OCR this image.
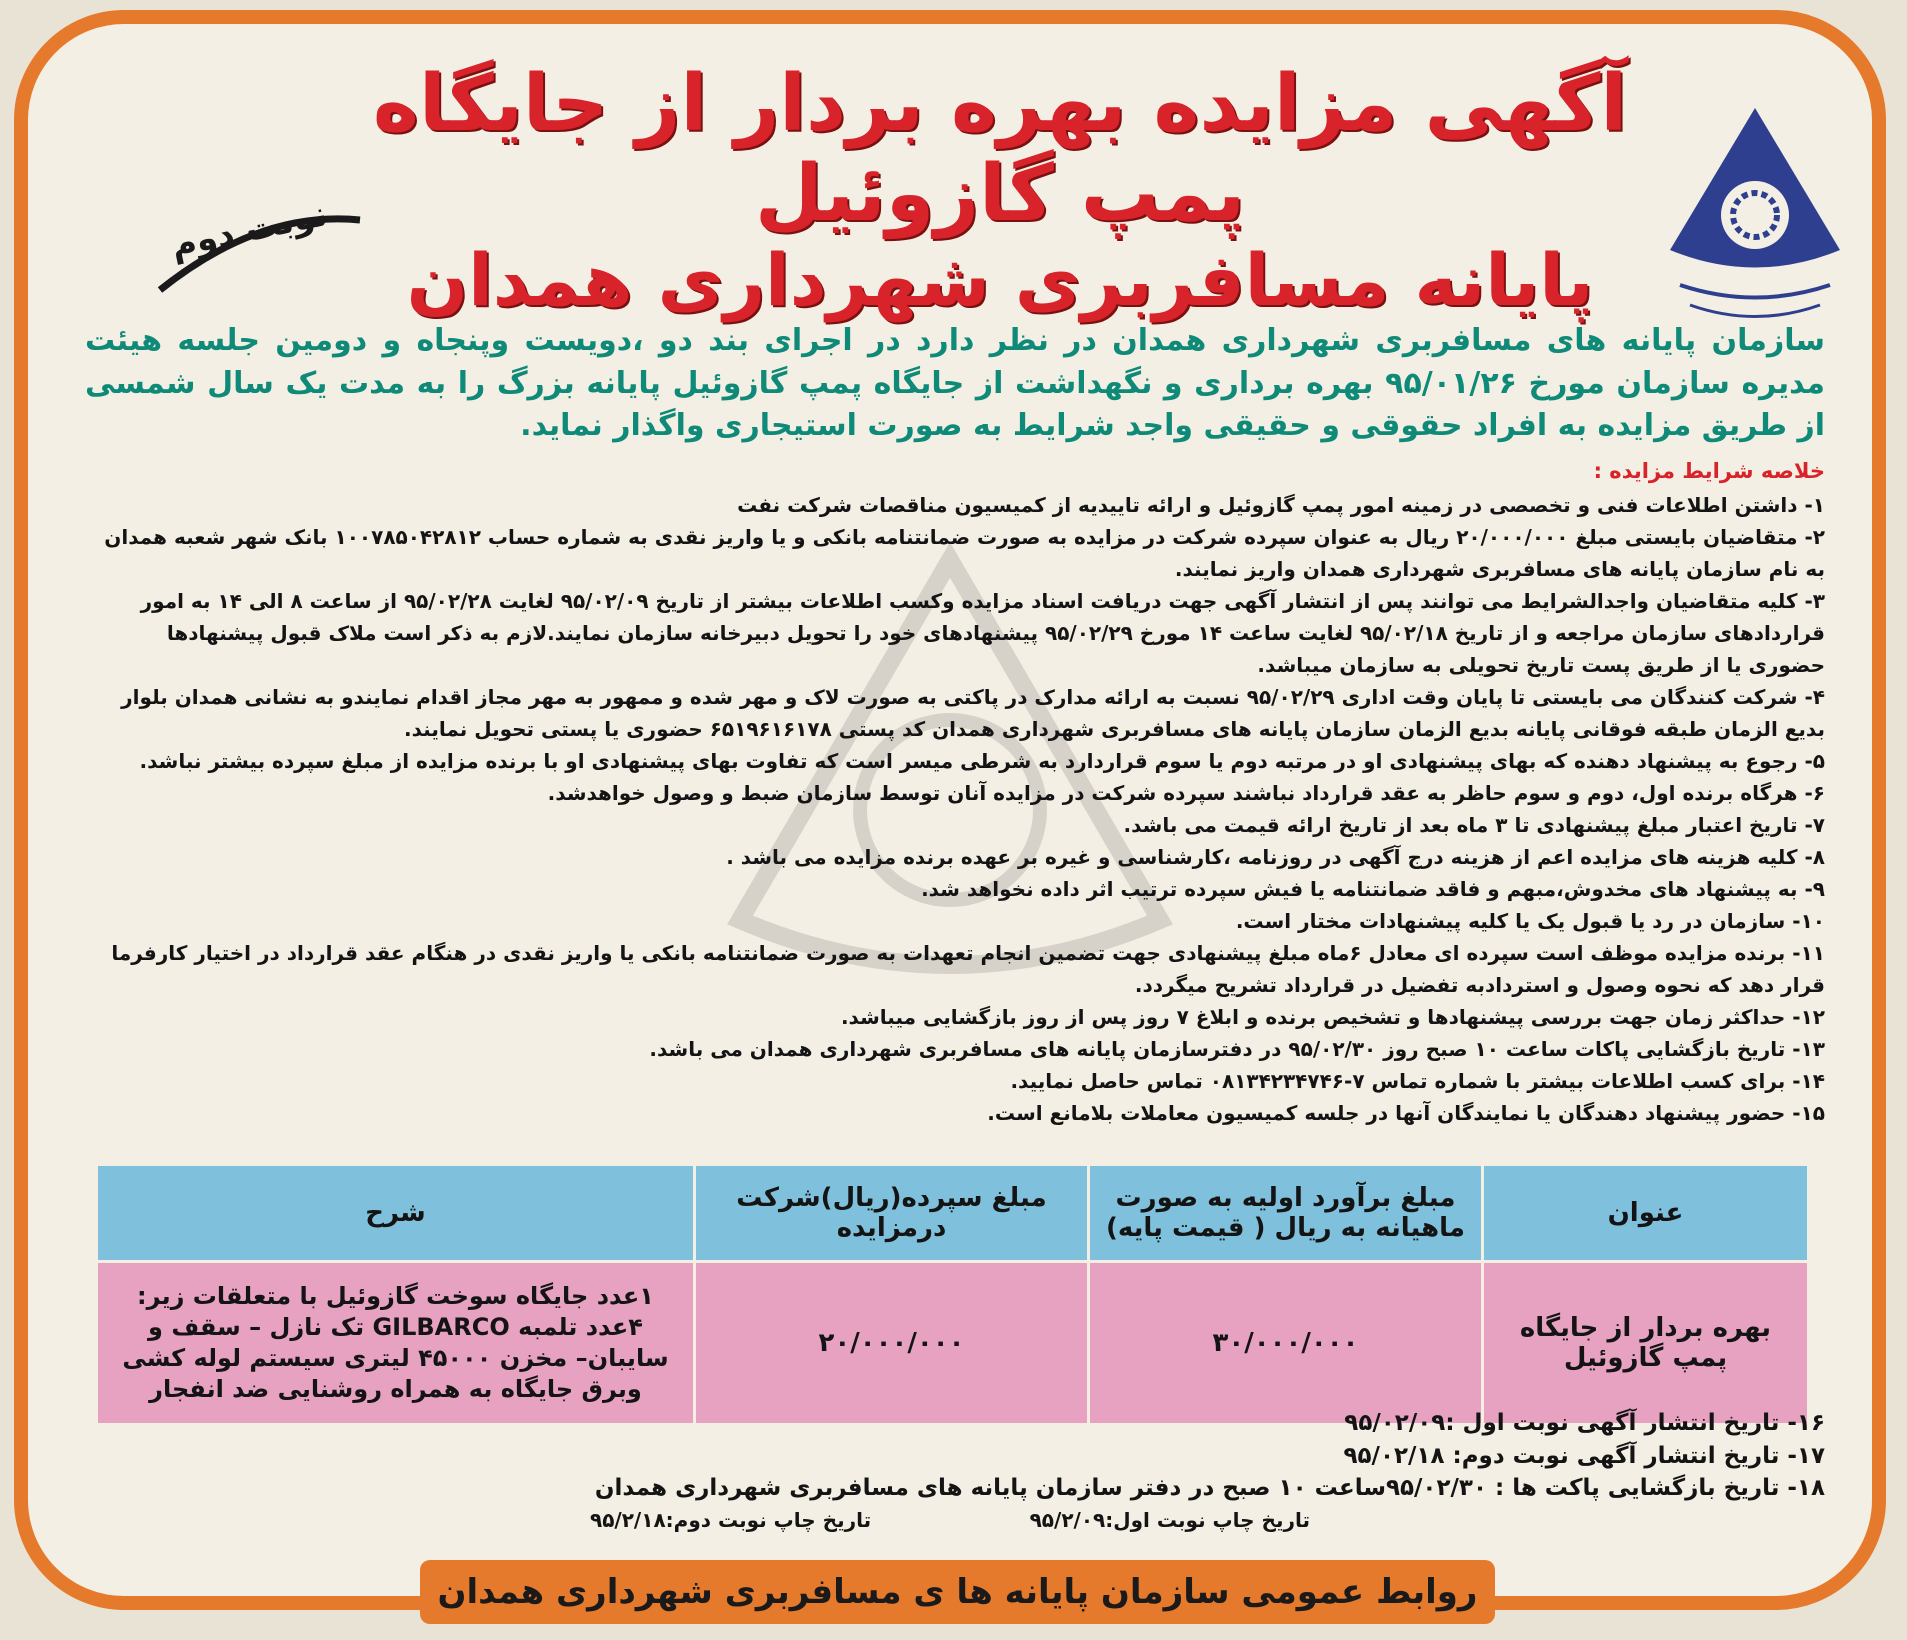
نوبت دوم
آگهی مزایده بهره بردار از جایگاه پمپ گازوئیل
پایانه مسافربری شهرداری همدان
سازمان پایانه های مسافربری شهرداری همدان در نظر دارد در اجرای بند دو ،دویست وپنجاه و دومین جلسه هیئت مدیره سازمان مورخ ۹۵/۰۱/۲۶ بهره برداری و نگهداشت از جایگاه پمپ گازوئیل پایانه بزرگ را به مدت یک سال شمسی از طریق مزایده به افراد حقوقی و حقیقی واجد شرایط به صورت استیجاری واگذار نماید.
خلاصه شرایط مزایده :

۱- داشتن اطلاعات فنی و تخصصی در زمینه امور پمپ گازوئیل و ارائه تاییدیه از کمیسیون مناقصات شرکت نفت

۲- متقاضیان بایستی مبلغ ۲۰/۰۰۰/۰۰۰ ریال به عنوان سپرده شرکت در مزایده به صورت ضمانتنامه بانکی و یا واریز نقدی به شماره حساب ۱۰۰۷۸۵۰۴۲۸۱۲ بانک شهر شعبه همدان به نام سازمان پایانه های مسافربری شهرداری همدان واریز نمایند.

۳- کلیه متقاضیان واجدالشرایط می توانند پس از انتشار آگهی جهت دریافت اسناد مزایده وکسب اطلاعات بیشتر از تاریخ ۹۵/۰۲/۰۹ لغایت ۹۵/۰۲/۲۸ از ساعت ۸ الی ۱۴ به امور قراردادهای سازمان مراجعه و از تاریخ ۹۵/۰۲/۱۸ لغایت ساعت ۱۴ مورخ ۹۵/۰۲/۲۹ پیشنهادهای خود را تحویل دبیرخانه سازمان نمایند.لازم به ذکر است ملاک قبول پیشنهادها حضوری یا از طریق پست تاریخ تحویلی به سازمان میباشد.

۴- شرکت کنندگان می بایستی تا پایان وقت اداری ۹۵/۰۲/۲۹ نسبت به ارائه مدارک در پاکتی به صورت لاک و مهر شده و ممهور به مهر مجاز اقدام نمایندو به نشانی همدان بلوار بدیع الزمان طبقه فوقانی پایانه بدیع الزمان سازمان پایانه های مسافربری شهرداری همدان کد پستی ۶۵۱۹۶۱۶۱۷۸ حضوری یا پستی تحویل نمایند.

۵- رجوع به پیشنهاد دهنده که بهای پیشنهادی او در مرتبه دوم یا سوم قراردارد به شرطی میسر است که تفاوت بهای پیشنهادی او با برنده مزایده از مبلغ سپرده بیشتر نباشد.

۶- هرگاه برنده اول، دوم و سوم حاظر به عقد قرارداد نباشند سپرده شرکت در مزایده آنان توسط سازمان ضبط و وصول خواهدشد.

۷- تاریخ اعتبار مبلغ پیشنهادی تا ۳ ماه بعد از تاریخ ارائه قیمت می باشد.

۸- کلیه هزینه های مزایده اعم از هزینه درج آگهی در روزنامه ،کارشناسی و غیره بر عهده برنده مزایده می باشد .

۹- به پیشنهاد های مخدوش،مبهم و فاقد ضمانتنامه یا فیش سپرده ترتیب اثر داده نخواهد شد.

۱۰- سازمان در رد یا قبول یک یا کلیه پیشنهادات مختار است.

۱۱- برنده مزایده موظف است سپرده ای معادل ۶ماه مبلغ پیشنهادی جهت تضمین انجام تعهدات به صورت ضمانتنامه بانکی یا واریز نقدی در هنگام عقد قرارداد در اختیار کارفرما قرار دهد که نحوه وصول و استردادبه تفضیل در قرارداد تشریح میگردد.

۱۲- حداکثر زمان جهت بررسی پیشنهادها و تشخیص برنده و ابلاغ ۷ روز پس از روز بازگشایی میباشد.

۱۳- تاریخ بازگشایی پاکات ساعت ۱۰ صبح روز ۹۵/۰۲/۳۰ در دفترسازمان پایانه های مسافربری شهرداری همدان می باشد.

۱۴- برای کسب اطلاعات بیشتر با شماره تماس ۷-۰۸۱۳۴۲۳۴۷۴۶ تماس حاصل نمایید.

۱۵- حضور پیشنهاد دهندگان یا نمایندگان آنها در جلسه کمیسیون معاملات بلامانع است.

عنوان	مبلغ برآورد اولیه به صورت ماهیانه به ریال ( قیمت پایه)	مبلغ سپرده(ریال)شرکت درمزایده	شرح
بهره بردار از جایگاه پمپ گازوئیل	۳۰/۰۰۰/۰۰۰	۲۰/۰۰۰/۰۰۰	۱عدد جایگاه سوخت گازوئیل با متعلقات زیر: ۴عدد تلمبه GILBARCO تک نازل – سقف و سایبان– مخزن ۴۵۰۰۰ لیتری سیستم لوله کشی وبرق جایگاه به همراه روشنایی ضد انفجار
۱۶- تاریخ انتشار آگهی نوبت اول :۹۵/۰۲/۰۹
۱۷- تاریخ انتشار آگهی نوبت دوم: ۹۵/۰۲/۱۸
۱۸- تاریخ بازگشایی پاکت ها : ۹۵/۰۲/۳۰ساعت ۱۰ صبح در دفتر سازمان پایانه های مسافربری شهرداری همدان
تاریخ چاپ نوبت اول:۹۵/۲/۰۹
تاریخ چاپ نوبت دوم:۹۵/۲/۱۸
روابط عمومی سازمان پایانه ها ی مسافربری شهرداری همدان
